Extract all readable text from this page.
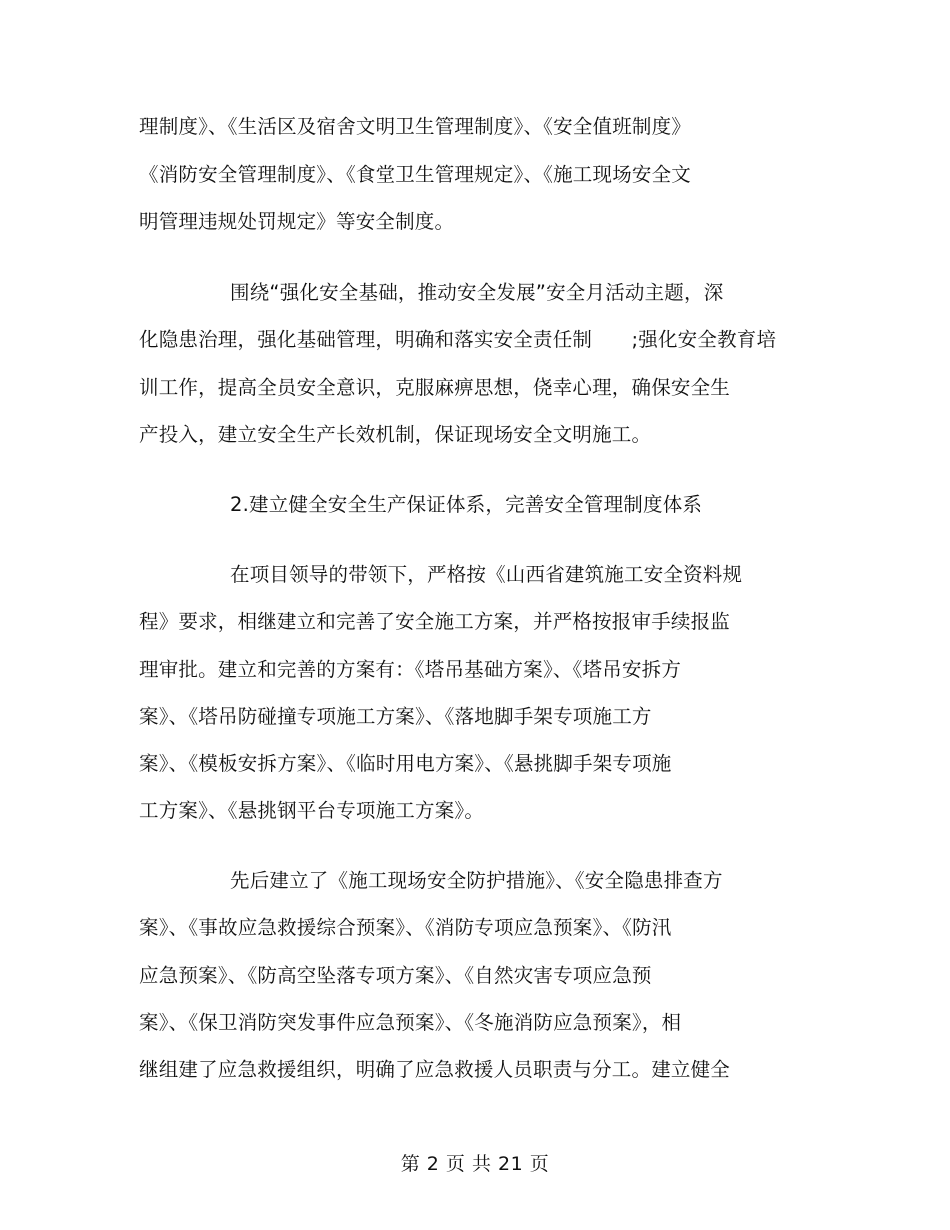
理制度》、《生活区及宿舍文明卫生管理制度》、《安全值班制度》
《消防安全管理制度》、《食堂卫生管理规定》、《施工现场安全文
明管理违规处罚规定》等安全制度。
围绕“强化安全基础，推动安全发展”安全月活动主题，深
化隐患治理，强化基础管理，明确和落实安全责任制　　;强化安全教育培
训工作，提高全员安全意识，克服麻痹思想，侥幸心理，确保安全生
产投入，建立安全生产长效机制，保证现场安全文明施工。
2.建立健全安全生产保证体系，完善安全管理制度体系
在项目领导的带领下，严格按《山西省建筑施工安全资料规
程》要求，相继建立和完善了安全施工方案，并严格按报审手续报监
理审批。建立和完善的方案有：《塔吊基础方案》、《塔吊安拆方
案》、《塔吊防碰撞专项施工方案》、《落地脚手架专项施工方
案》、《模板安拆方案》、《临时用电方案》、《悬挑脚手架专项施
工方案》、《悬挑钢平台专项施工方案》。
先后建立了《施工现场安全防护措施》、《安全隐患排查方
案》、《事故应急救援综合预案》、《消防专项应急预案》、《防汛
应急预案》、《防高空坠落专项方案》、《自然灾害专项应急预
案》、《保卫消防突发事件应急预案》、《冬施消防应急预案》，相
继组建了应急救援组织，明确了应急救援人员职责与分工。建立健全
第 2 页 共 21 页
